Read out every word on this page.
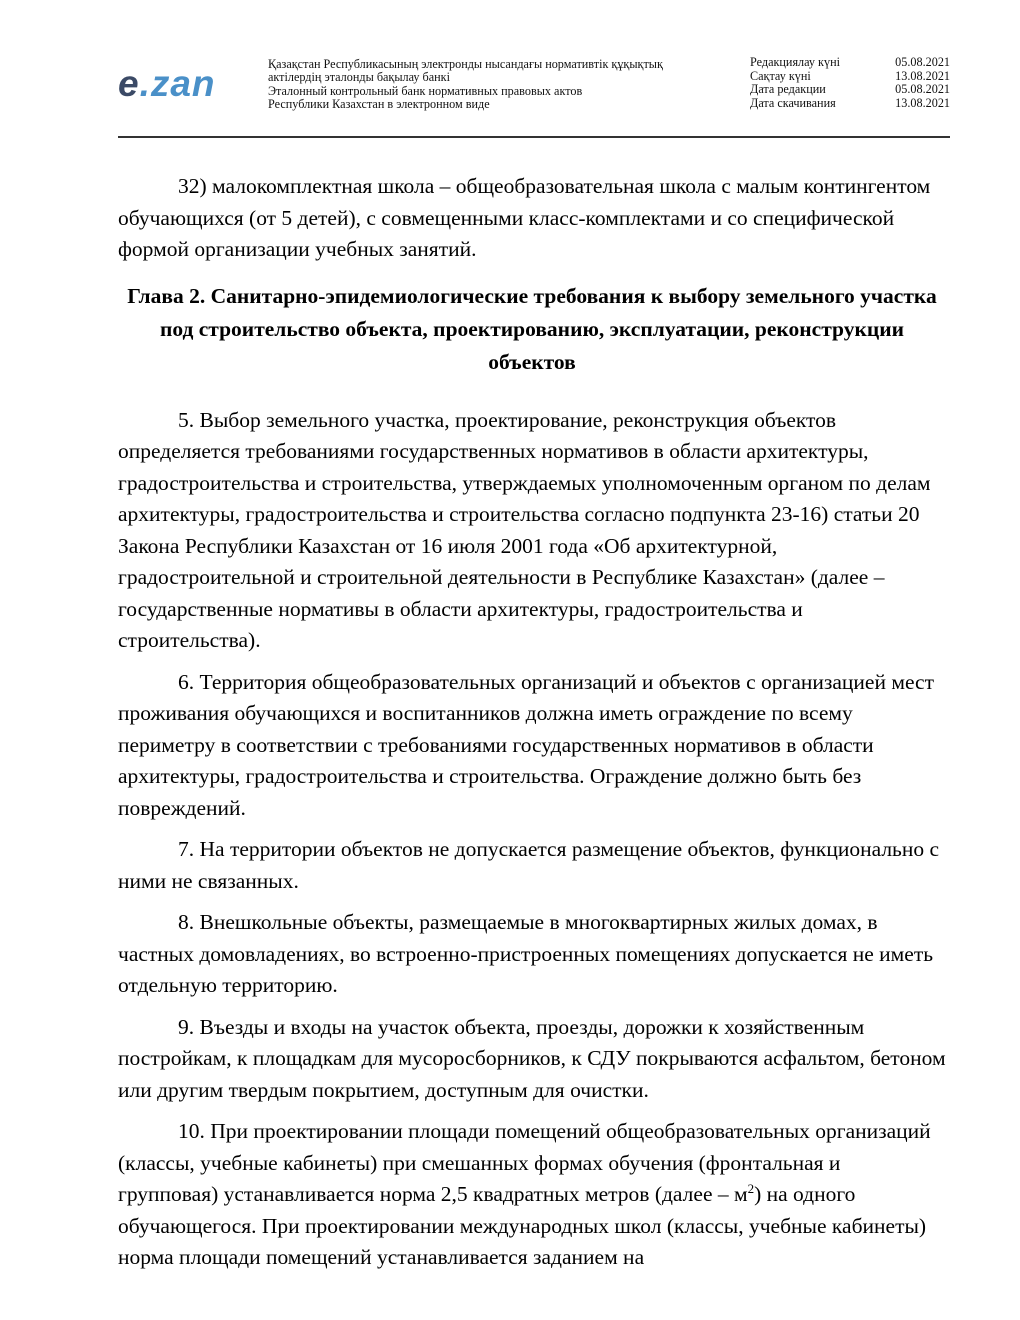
e.zan	Қазақстан Республикасының электронды нысандағы нормативтік құқықтық
актілердің эталонды бақылау банкі
Эталонный контрольный банк нормативных правовых актов
Республики Казахстан в электронном виде
Редакциялау күні	05.08.2021
Сақтау күні	13.08.2021
Дата редакции	05.08.2021
Дата скачивания	13.08.2021

32) малокомплектная школа – общеобразовательная школа с малым контингентом обучающихся (от 5 детей), с совмещенными класс-комплектами и со специфической формой организации учебных занятий.

Глава 2. Санитарно-эпидемиологические требования к выбору земельного участка под строительство объекта, проектированию, эксплуатации, реконструкции объектов

5. Выбор земельного участка, проектирование, реконструкция объектов определяется требованиями государственных нормативов в области архитектуры, градостроительства и строительства, утверждаемых уполномоченным органом по делам архитектуры, градостроительства и строительства согласно подпункта 23-16) статьи 20 Закона Республики Казахстан от 16 июля 2001 года «Об архитектурной, градостроительной и строительной деятельности в Республике Казахстан» (далее – государственные нормативы в области архитектуры, градостроительства и строительства).

6. Территория общеобразовательных организаций и объектов с организацией мест проживания обучающихся и воспитанников должна иметь ограждение по всему периметру в соответствии с требованиями государственных нормативов в области архитектуры, градостроительства и строительства. Ограждение должно быть без повреждений.

7. На территории объектов не допускается размещение объектов, функционально с ними не связанных.

8. Внешкольные объекты, размещаемые в многоквартирных жилых домах, в частных домовладениях, во встроенно-пристроенных помещениях допускается не иметь отдельную территорию.

9. Въезды и входы на участок объекта, проезды, дорожки к хозяйственным постройкам, к площадкам для мусоросборников, к СДУ покрываются асфальтом, бетоном или другим твердым покрытием, доступным для очистки.

10. При проектировании площади помещений общеобразовательных организаций (классы, учебные кабинеты) при смешанных формах обучения (фронтальная и групповая) устанавливается норма 2,5 квадратных метров (далее – $м^2$) на одного обучающегося. При проектировании международных школ (классы, учебные кабинеты) норма площади помещений устанавливается заданием на
